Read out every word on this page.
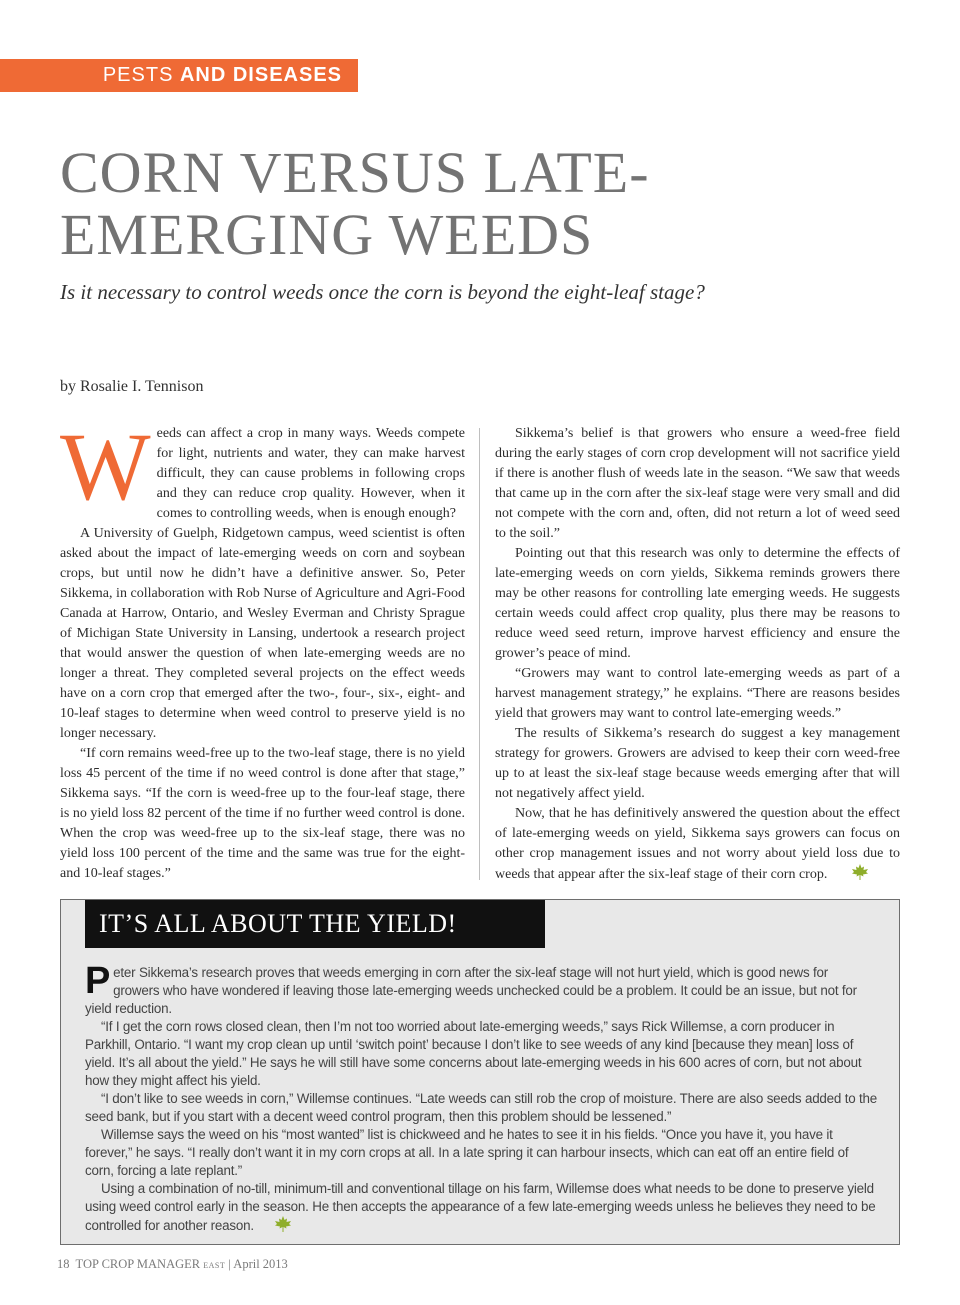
PESTS AND DISEASES
CORN VERSUS LATE-EMERGING WEEDS

Is it necessary to control weeds once the corn is beyond the eight-leaf stage?

by Rosalie I. Tennison

Weeds can affect a crop in many ways. Weeds compete for light, nutrients and water, they can make harvest difficult, they can cause problems in following crops and they can reduce crop quality. However, when it comes to controlling weeds, when is enough enough?

A University of Guelph, Ridgetown campus, weed scientist is often asked about the impact of late-emerging weeds on corn and soybean crops, but until now he didn’t have a definitive answer. So, Peter Sikkema, in collaboration with Rob Nurse of Agriculture and Agri-Food Canada at Harrow, Ontario, and Wesley Everman and Christy Sprague of Michigan State University in Lansing, undertook a research project that would answer the question of when late-emerging weeds are no longer a threat. They completed several projects on the effect weeds have on a corn crop that emerged after the two-, four-, six-, eight- and 10-leaf stages to determine when weed control to preserve yield is no longer necessary.

“If corn remains weed-free up to the two-leaf stage, there is no yield loss 45 percent of the time if no weed control is done after that stage,” Sikkema says. “If the corn is weed-free up to the four-leaf stage, there is no yield loss 82 percent of the time if no further weed control is done. When the crop was weed-free up to the six-leaf stage, there was no yield loss 100 percent of the time and the same was true for the eight- and 10-leaf stages.”

Sikkema’s belief is that growers who ensure a weed-free field during the early stages of corn crop development will not sacrifice yield if there is another flush of weeds late in the season. “We saw that weeds that came up in the corn after the six-leaf stage were very small and did not compete with the corn and, often, did not return a lot of weed seed to the soil.”

Pointing out that this research was only to determine the effects of late-emerging weeds on corn yields, Sikkema reminds growers there may be other reasons for controlling late emerging weeds. He suggests certain weeds could affect crop quality, plus there may be reasons to reduce weed seed return, improve harvest efficiency and ensure the grower’s peace of mind.

“Growers may want to control late-emerging weeds as part of a harvest management strategy,” he explains. “There are reasons besides yield that growers may want to control late-emerging weeds.”

The results of Sikkema’s research do suggest a key management strategy for growers. Growers are advised to keep their corn weed-free up to at least the six-leaf stage because weeds emerging after that will not negatively affect yield.

Now, that he has definitively answered the question about the effect of late-emerging weeds on yield, Sikkema says growers can focus on other crop management issues and not worry about yield loss due to weeds that appear after the six-leaf stage of their corn crop.

IT’S ALL ABOUT THE YIELD!

Peter Sikkema’s research proves that weeds emerging in corn after the six-leaf stage will not hurt yield, which is good news for growers who have wondered if leaving those late-emerging weeds unchecked could be a problem. It could be an issue, but not for yield reduction.

“If I get the corn rows closed clean, then I’m not too worried about late-emerging weeds,” says Rick Willemse, a corn producer in Parkhill, Ontario. “I want my crop clean up until ‘switch point’ because I don’t like to see weeds of any kind [because they mean] loss of yield. It’s all about the yield.” He says he will still have some concerns about late-emerging weeds in his 600 acres of corn, but not about how they might affect his yield.

“I don’t like to see weeds in corn,” Willemse continues. “Late weeds can still rob the crop of moisture. There are also seeds added to the seed bank, but if you start with a decent weed control program, then this problem should be lessened.”

Willemse says the weed on his “most wanted” list is chickweed and he hates to see it in his fields. “Once you have it, you have it forever,” he says. “I really don’t want it in my corn crops at all. In a late spring it can harbour insects, which can eat off an entire field of corn, forcing a late replant.”

Using a combination of no-till, minimum-till and conventional tillage on his farm, Willemse does what needs to be done to preserve yield using weed control early in the season. He then accepts the appearance of a few late-emerging weeds unless he believes they need to be controlled for another reason.

18 TOP CROP MANAGER EAST | April 2013
